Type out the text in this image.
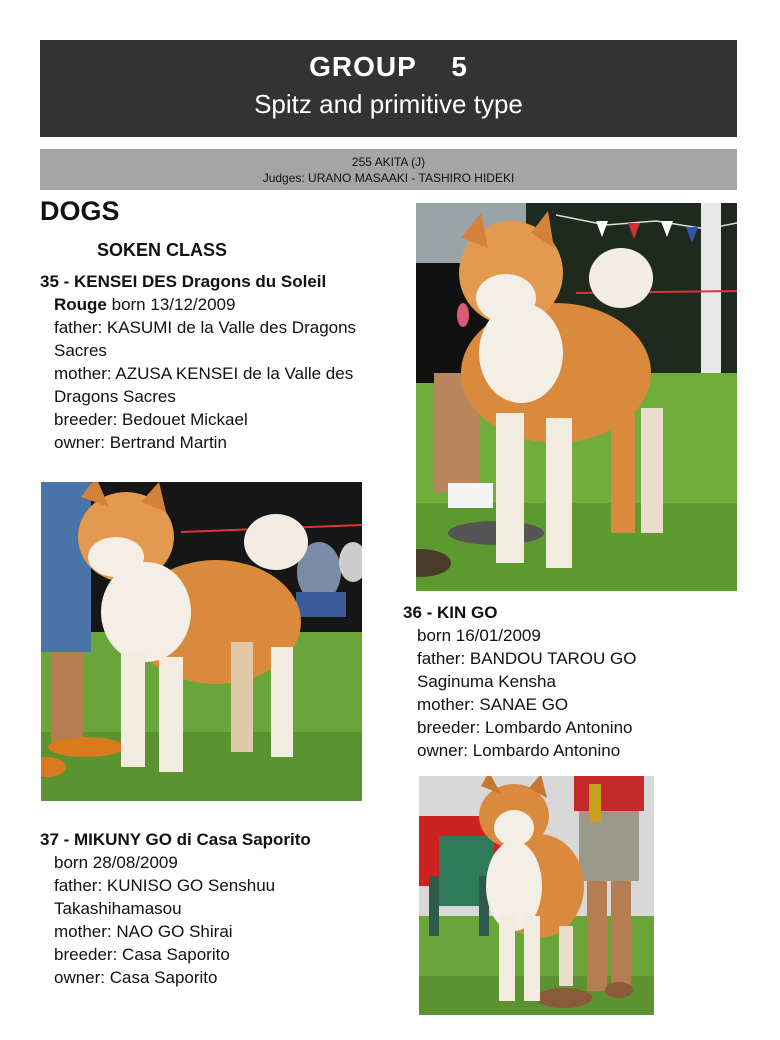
GROUP    5
Spitz and primitive type
255 AKITA (J)
Judges: URANO MASAAKI - TASHIRO HIDEKI
DOGS
SOKEN CLASS
35 - KENSEI DES Dragons du Soleil
Rouge born 13/12/2009
father: KASUMI de la Valle des Dragons
Sacres
mother: AZUSA KENSEI de la Valle des
Dragons Sacres
breeder: Bedouet Mickael
owner: Bertrand Martin
36 - KIN GO
born 16/01/2009
father: BANDOU TAROU GO
Saginuma Kensha
mother: SANAE GO
breeder: Lombardo Antonino
owner: Lombardo Antonino
37 - MIKUNY GO di Casa Saporito
born 28/08/2009
father: KUNISO GO Senshuu
Takashihamasou
mother: NAO GO Shirai
breeder: Casa Saporito
owner: Casa Saporito
